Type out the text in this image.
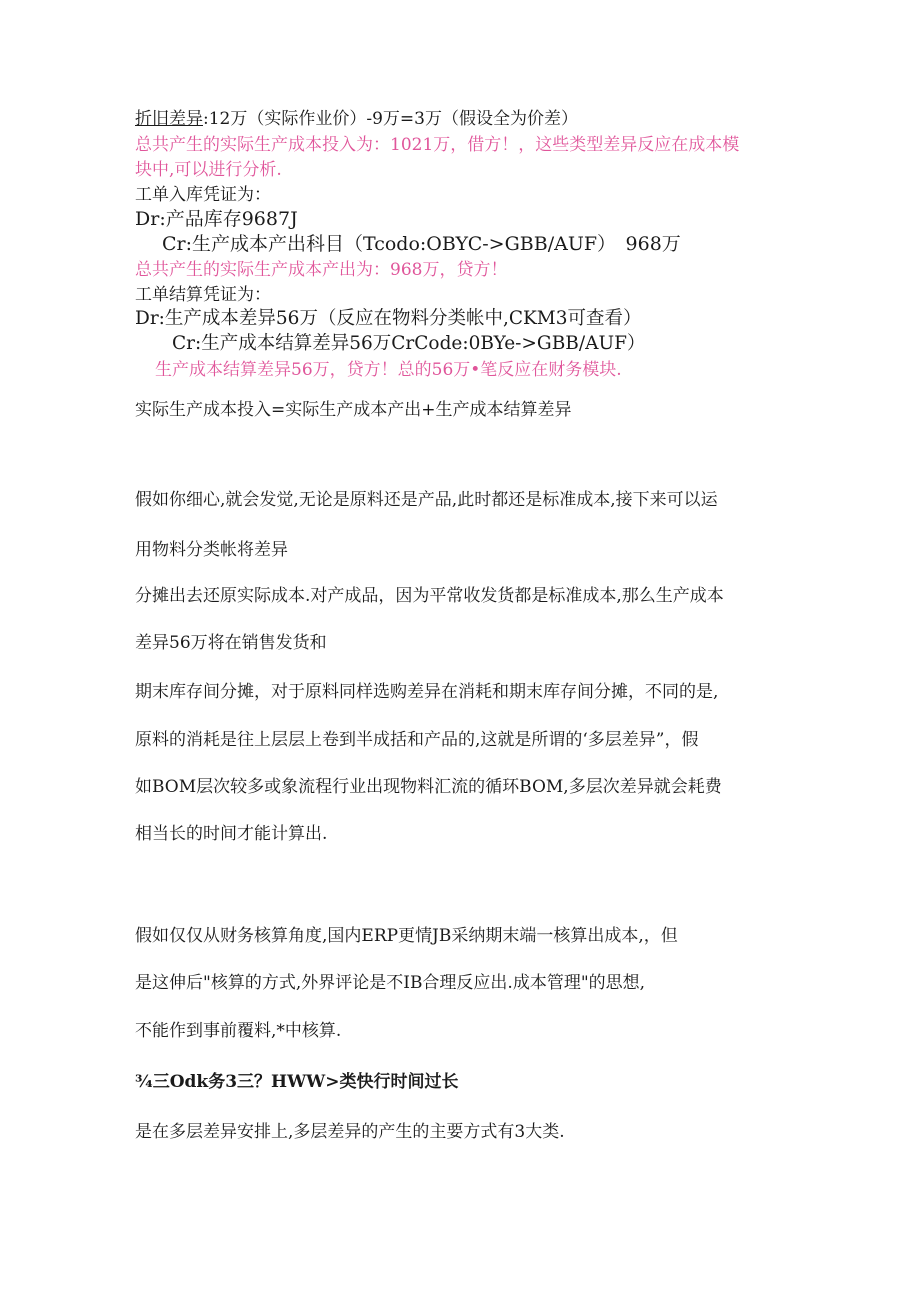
折旧差异:12万（实际作业价）-9万=3万（假设全为价差）
总共产生的实际生产成本投入为：1021万，借方！，这些类型差异反应在成本模
块中,可以进行分析.
工单入库凭证为：
Dr:产品库存9687J
Cr:生产成本产出科目（Tcodo:OBYC->GBB/AUF）　968万
总共产生的实际生产成本产出为：968万，贷方！
工单结算凭证为：
Dr:生产成本差异56万（反应在物料分类帐中,CKM3可查看）
Cr:生产成本结算差异56万CrCode:0BYe->GBB/AUF）
生产成本结算差异56万，贷方！总的56万•笔反应在财务模块.
实际生产成本投入=实际生产成本产出+生产成本结算差异
假如你细心,就会发觉,无论是原料还是产品,此时都还是标准成本,接下来可以运
用物料分类帐将差异
分摊出去还原实际成本.对产成品，因为平常收发货都是标准成本,那么生产成本
差异56万将在销售发货和
期末库存间分摊，对于原料同样选购差异在消耗和期末库存间分摊，不同的是,
原料的消耗是往上层层上卷到半成括和产品的,这就是所谓的‘多层差异”，假
如BOM层次较多或象流程行业出现物料汇流的循环BOM,多层次差异就会耗费
相当长的时间才能计算出.
假如仅仅从财务核算角度,国内ERP更情JB采纳期末端一核算出成本,，但
是这伸后"核算的方式,外界评论是不IB合理反应出.成本管理"的思想,
不能作到事前覆料,*中核算.
¾三Odk务3三？HWW>类快行时间过长
是在多层差异安排上,多层差异的产生的主要方式有3大类.
